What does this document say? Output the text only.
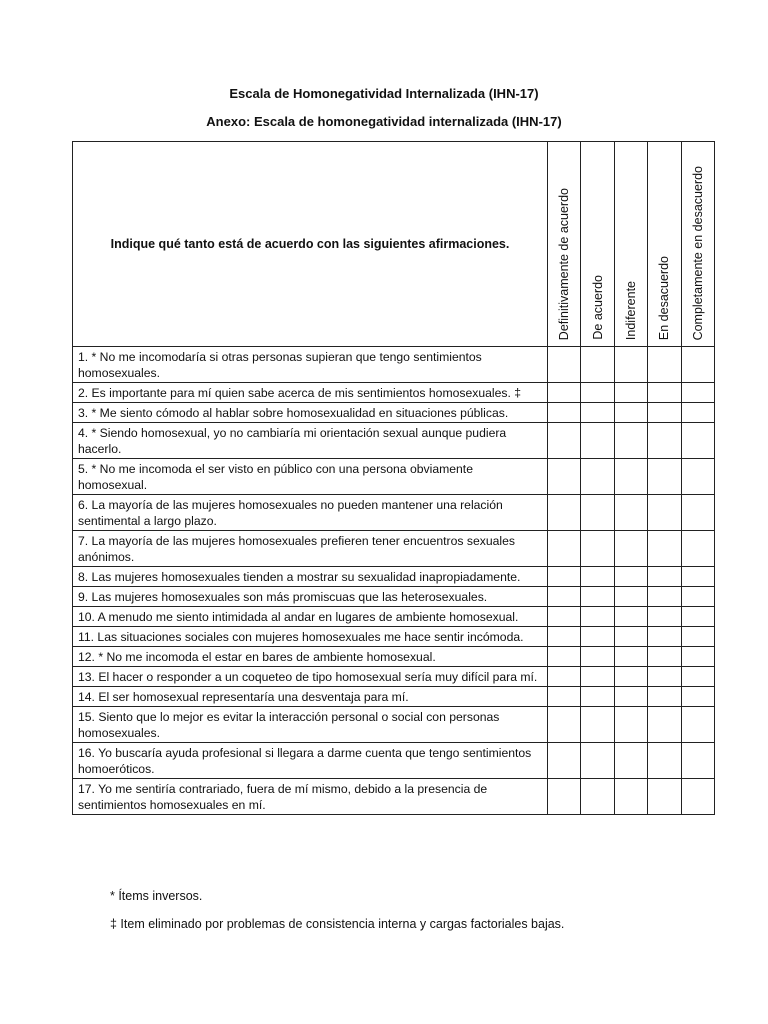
Escala de Homonegatividad Internalizada (IHN-17)
Anexo: Escala de homonegatividad internalizada (IHN-17)
Indique qué tanto está de acuerdo con las siguientes afirmaciones.	Definitivamente de acuerdo	De acuerdo	Indiferente	En desacuerdo	Completamente en desacuerdo

1. * No me incomodaría si otras personas supieran que tengo sentimientos homosexuales.					
2. Es importante para mí quien sabe acerca de mis sentimientos homosexuales. ‡					
3. * Me siento cómodo al hablar sobre homosexualidad en situaciones públicas.					
4. * Siendo homosexual, yo no cambiaría mi orientación sexual aunque pudiera hacerlo.					
5. * No me incomoda el ser visto en público con una persona obviamente homosexual.					
6. La mayoría de las mujeres homosexuales no pueden mantener una relación sentimental a largo plazo.					
7. La mayoría de las mujeres homosexuales prefieren tener encuentros sexuales anónimos.					
8. Las mujeres homosexuales tienden a mostrar su sexualidad inapropiadamente.					
9. Las mujeres homosexuales son más promiscuas que las heterosexuales.					
10. A menudo me siento intimidada al andar en lugares de ambiente homosexual.					
11. Las situaciones sociales con mujeres homosexuales me hace sentir incómoda.					
12. * No me incomoda el estar en bares de ambiente homosexual.					
13. El hacer o responder a un coqueteo de tipo homosexual sería muy difícil para mí.					
14. El ser homosexual representaría una desventaja para mí.					
15. Siento que lo mejor es evitar la interacción personal o social con personas homosexuales.					
16. Yo buscaría ayuda profesional si llegara a darme cuenta que tengo sentimientos homoeróticos.					
17. Yo me sentiría contrariado, fuera de mí mismo, debido a la presencia de sentimientos homosexuales en mí.					
* Ítems inversos.
‡ Item eliminado por problemas de consistencia interna y cargas factoriales bajas.
